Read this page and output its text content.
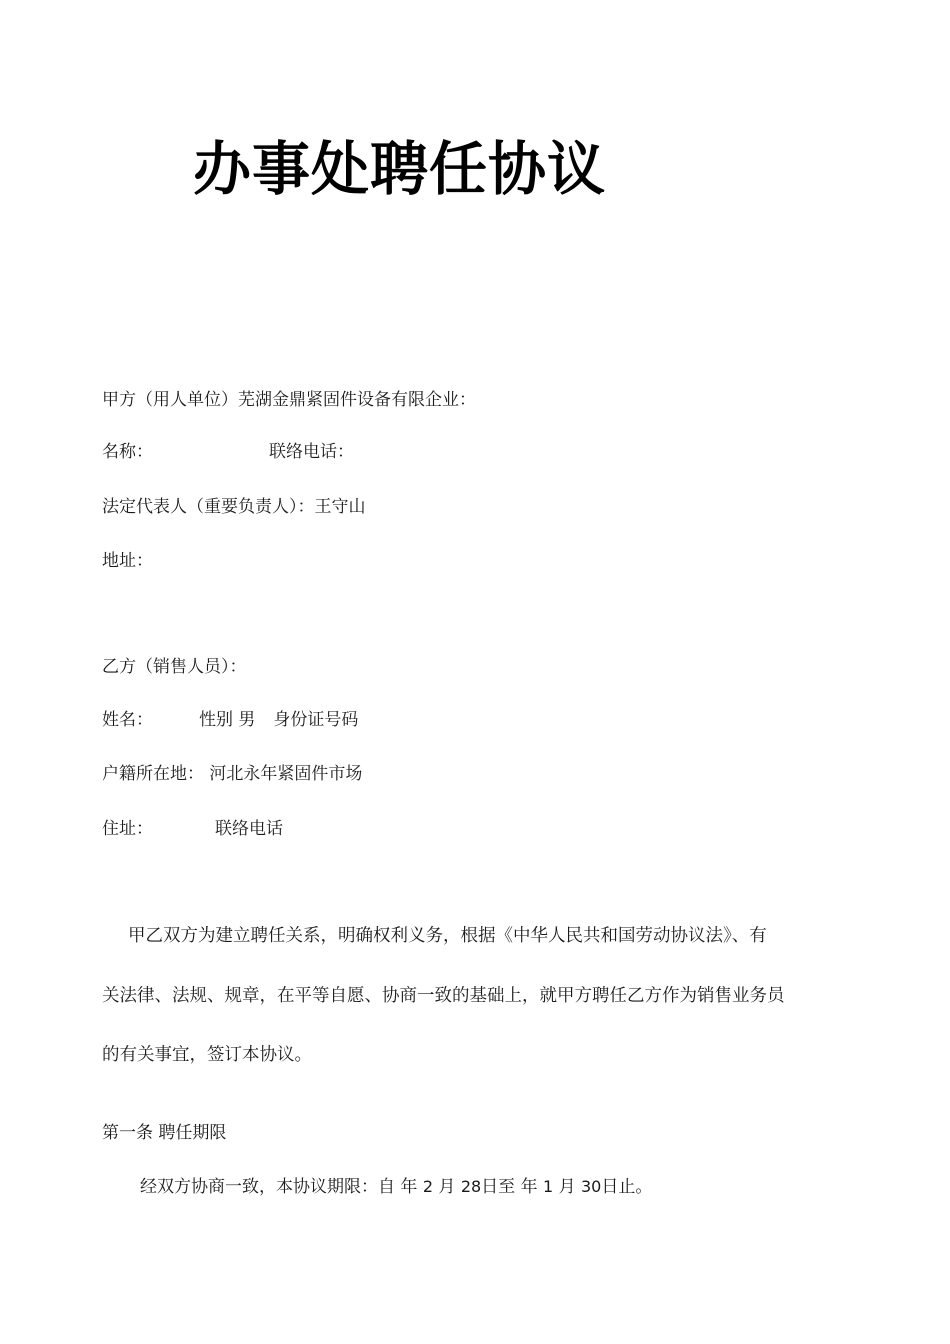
办事处聘任协议
甲方（用人单位）芜湖金鼎紧固件设备有限企业：
名称：	联络电话：
法定代表人（重要负责人）：王守山
地址：
乙方（销售人员）：
姓名：	性别 男 身份证号码
户籍所在地： 河北永年紧固件市场
住址：	联络电话
甲乙双方为建立聘任关系，明确权利义务，根据《中华人民共和国劳动协议法》、有
关法律、法规、规章，在平等自愿、协商一致的基础上，就甲方聘任乙方作为销售业务员
的有关事宜，签订本协议。
第一条 聘任期限
经双方协商一致，本协议期限：自 年 2 月 28日至 年 1 月 30日止。
